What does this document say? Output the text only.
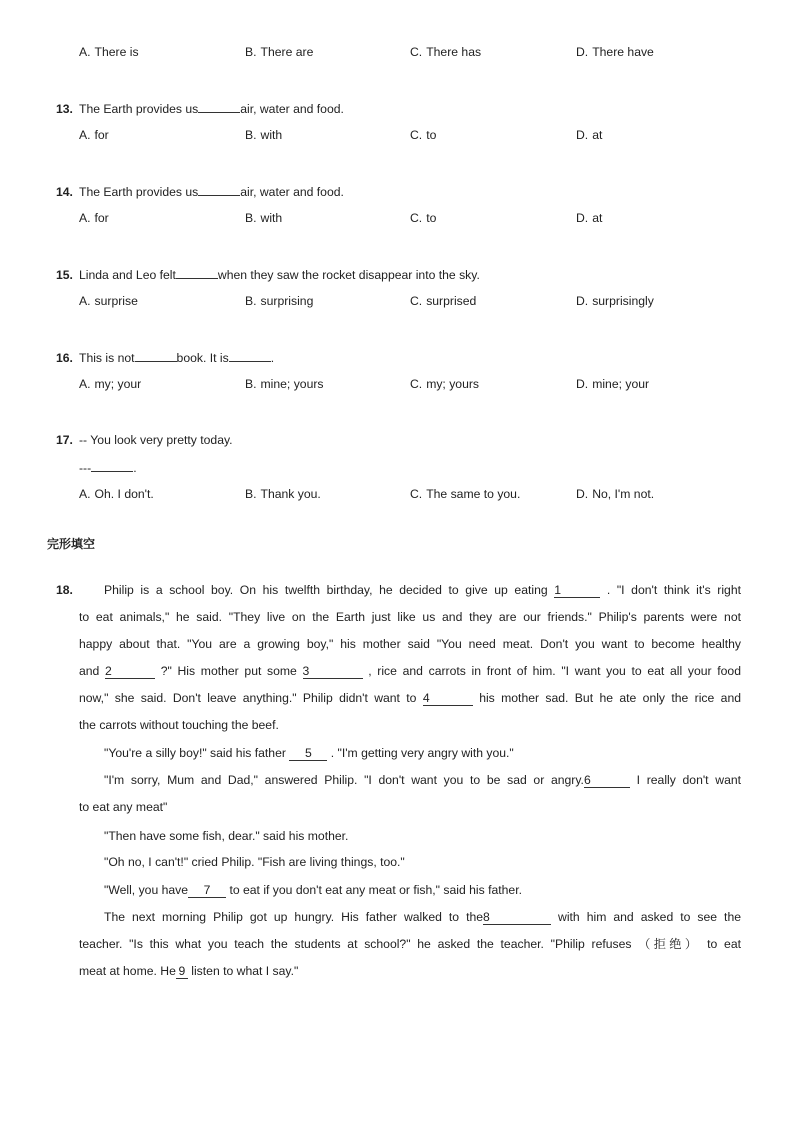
A. There is	B. There are	C. There has	D. There have
13. The Earth provides us	air, water and food.
A. for	B. with	C. to	D. at
14. The Earth provides us	air, water and food.
A. for	B. with	C. to	D. at
15. Linda and Leo felt	when they saw the rocket disappear into the sky.
A. surprise	B. surprising	C. surprised	D. surprisingly
16. This is not	book. It is	.
A. my; your	B. mine; yours	C. my; yours	D. mine; your
17. -- You look very pretty today.
---	.
A. Oh. I don't.	B. Thank you.	C. The same to you.	D. No, I'm not.
完形填空
18.	Philip is a school boy. On his twelfth birthday, he decided to give up eating 1	. "I don't think it's right
to eat animals," he said. "They live on the Earth just like us and they are our friends." Philip's parents were not
happy about that. "You are a growing boy," his mother said "You need meat. Don't you want to become healthy
and 2	?" His mother put some 3	, rice and carrots in front of him. "I want you to eat all your food
now," she said. Don't leave anything." Philip didn't want to 4	his mother sad. But he ate only the rice and
the carrots without touching the beef.
"You're a silly boy!" said his father 5 . "I'm getting very angry with you."
"I'm sorry, Mum and Dad," answered Philip. "I don't want you to be sad or angry.6	I really don't want
to eat any meat"
"Then have some fish, dear." said his mother.
"Oh no, I can't!" cried Philip. "Fish are living things, too."
"Well, you have 7 to eat if you don't eat any meat or fish," said his father.
The next morning Philip got up hungry. His father walked to the8	with him and asked to see the
teacher. "Is this what you teach the students at school?" he asked the teacher. "Philip refuses （拒绝） to eat
meat at home. He 9 listen to what I say."
